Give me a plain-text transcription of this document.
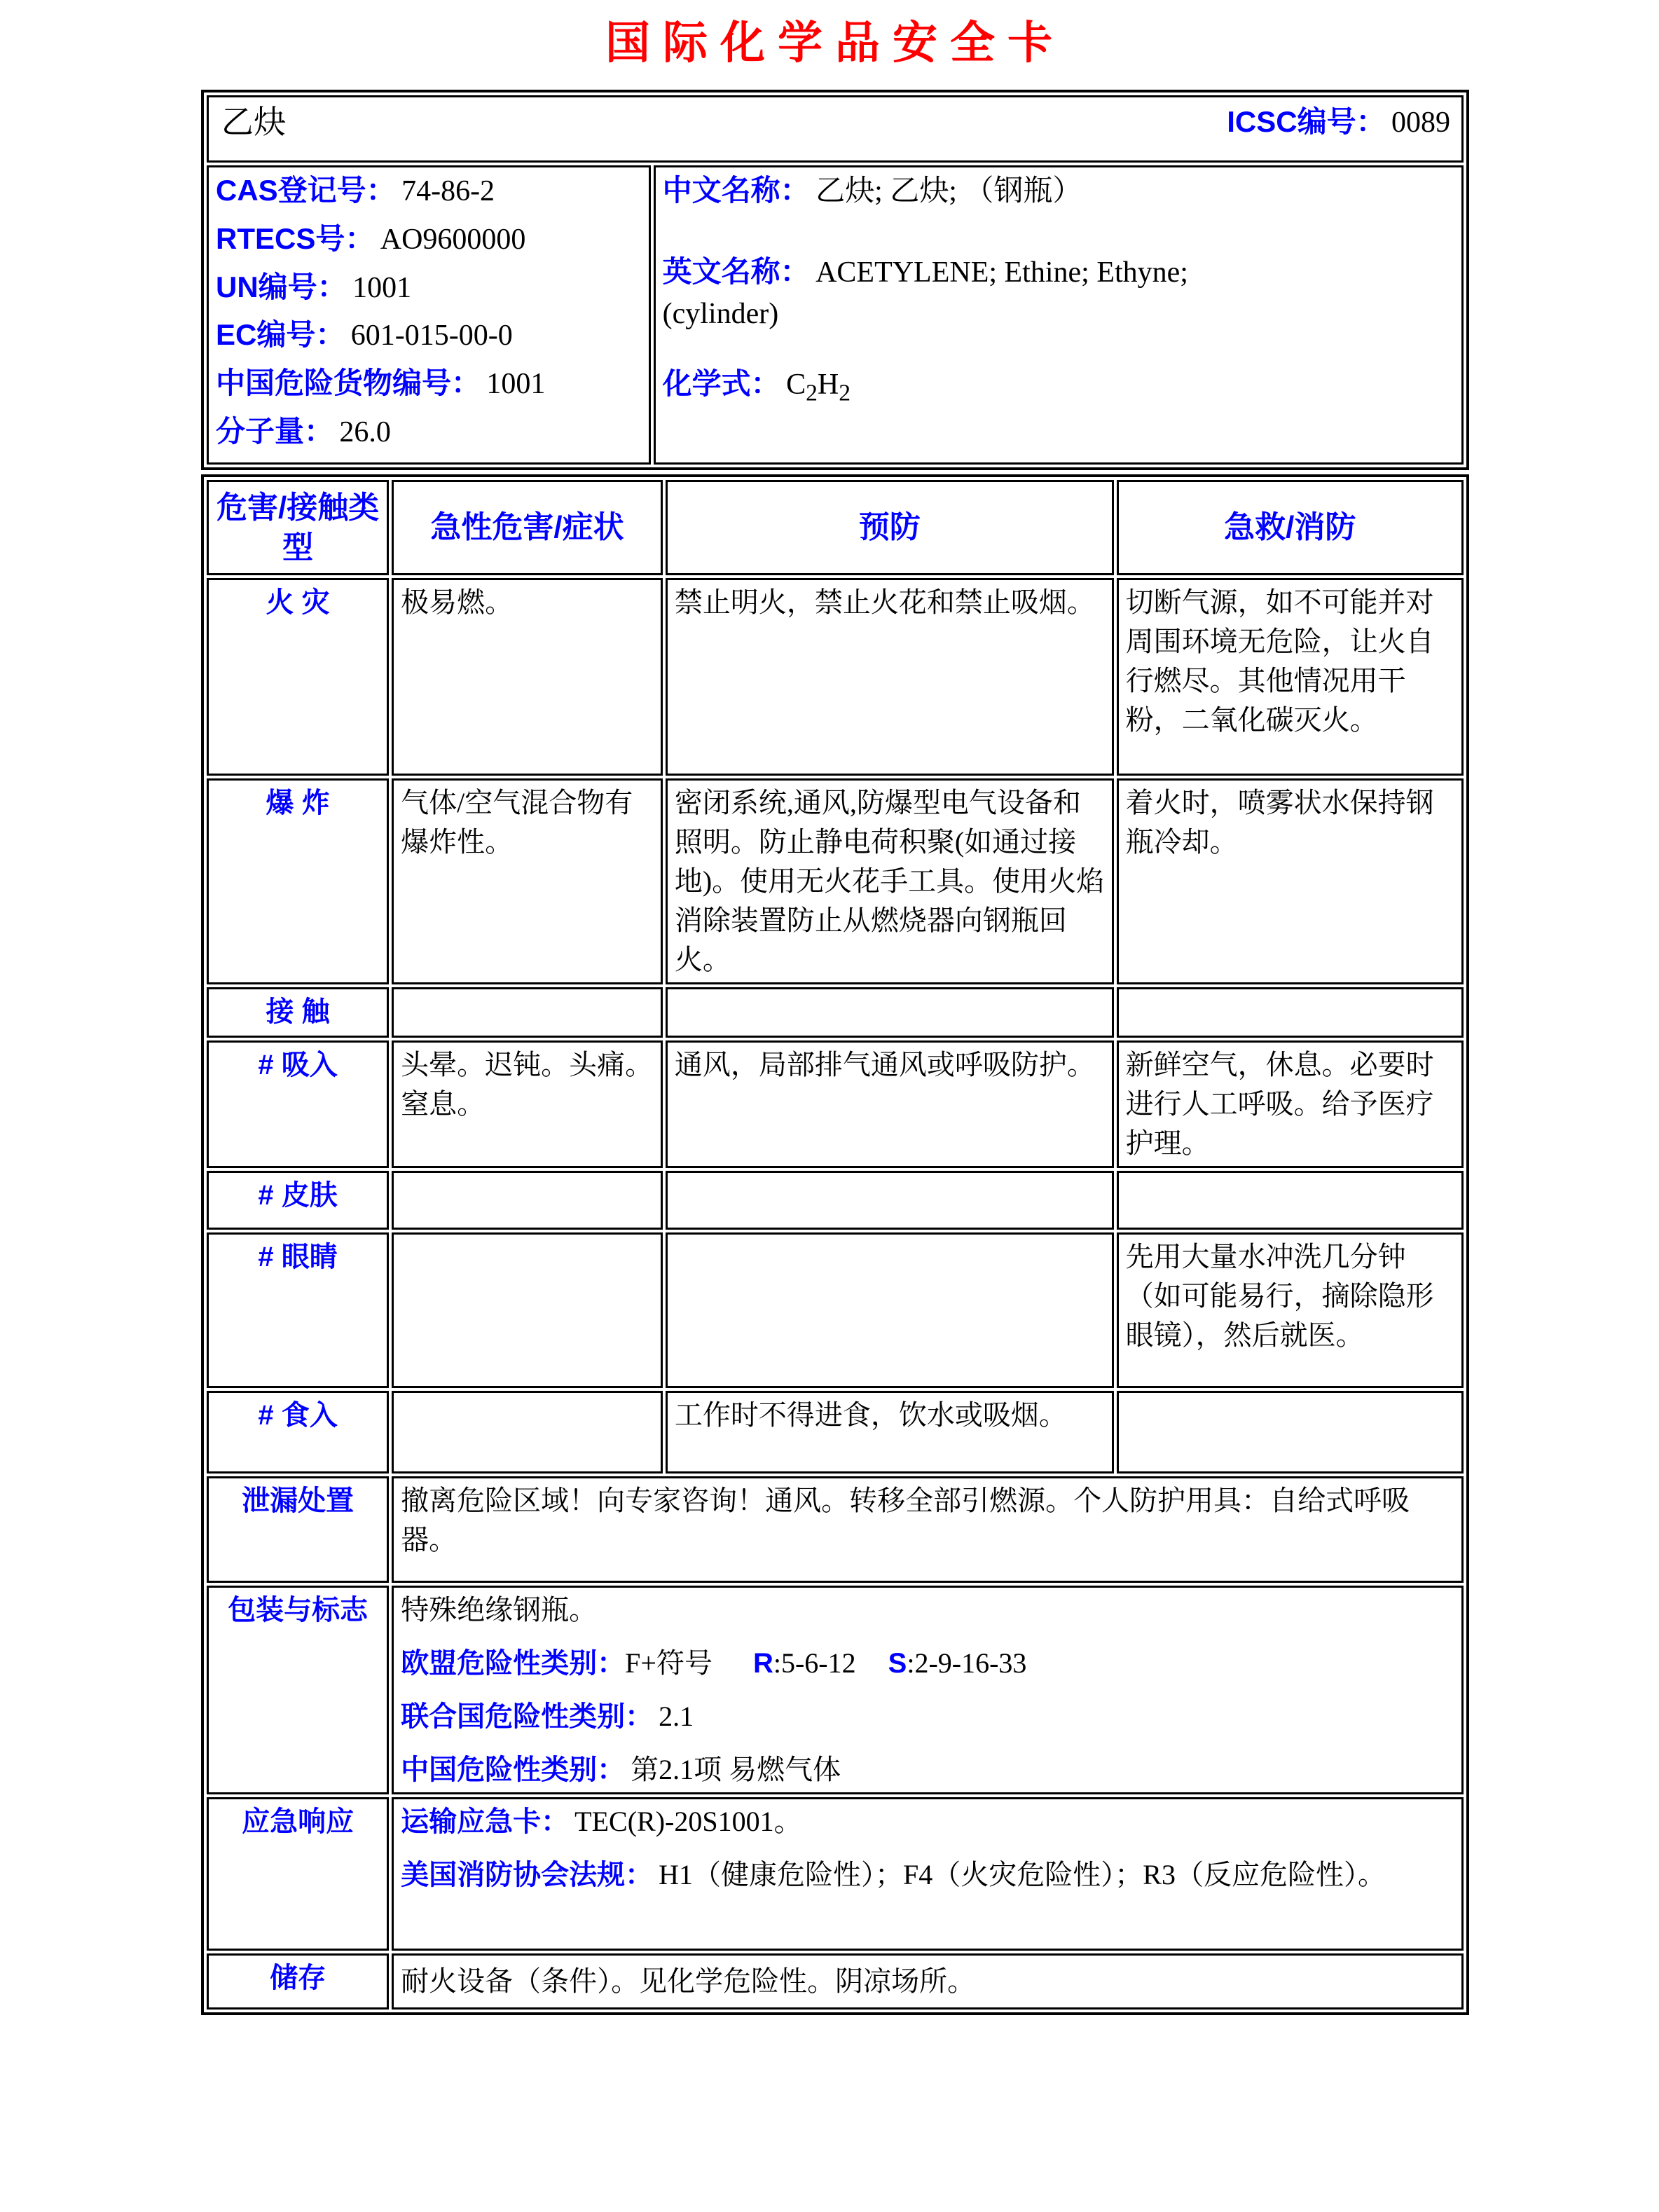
国际化学品安全卡
乙炔	ICSC编号： 0089

CAS登记号： 74-86-2

RTECS号： AO9600000

UN编号： 1001

EC编号： 601-015-00-0

中国危险货物编号： 1001

分子量： 26.0

中文名称： 乙炔; 乙炔; （钢瓶）

英文名称： ACETYLENE; Ethine; Ethyne;
(cylinder)

化学式： $C_2H_2$

危害/接触类型	急性危害/症状	预防	急救/消防
火 灾	极易燃。	禁止明火，禁止火花和禁止吸烟。	切断气源，如不可能并对周围环境无危险，让火自行燃尽。其他情况用干粉，二氧化碳灭火。
爆 炸	气体/空气混合物有爆炸性。	密闭系统,通风,防爆型电气设备和照明。防止静电荷积聚(如通过接地)。使用无火花手工具。使用火焰消除装置防止从燃烧器向钢瓶回火。	着火时，喷雾状水保持钢瓶冷却。
接 触			
# 吸入	头晕。迟钝。头痛。窒息。	通风，局部排气通风或呼吸防护。	新鲜空气，休息。必要时进行人工呼吸。给予医疗护理。
# 皮肤			
# 眼睛			先用大量水冲洗几分钟（如可能易行，摘除隐形眼镜），然后就医。
# 食入		工作时不得进食，饮水或吸烟。	
泄漏处置	撤离危险区域！向专家咨询！通风。转移全部引燃源。个人防护用具：自给式呼吸器。		
包装与标志	特殊绝缘钢瓶。

欧盟危险性类别：F+符号 R:5-6-12 S:2-9-16-33

联合国危险性类别： 2.1

中国危险性类别： 第2.1项 易燃气体		

应急响应	运输应急卡： TEC(R)-20S1001。

美国消防协会法规： H1（健康危险性）；F4（火灾危险性）；R3（反应危险性）。		

储存	耐火设备（条件）。见化学危险性。阴凉场所。		
